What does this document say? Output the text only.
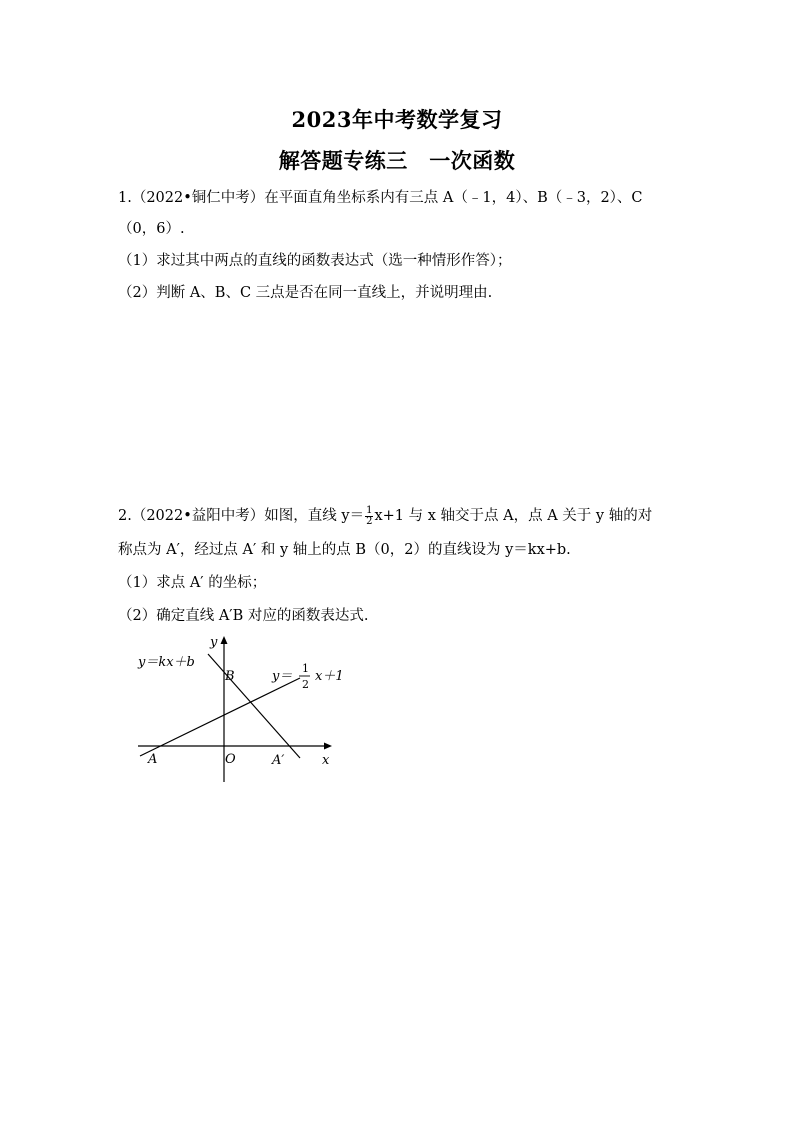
2023年中考数学复习
解答题专练三　一次函数
1.（2022•铜仁中考）在平面直角坐标系内有三点 A（﹣1，4）、B（﹣3，2）、C
（0，6）.
（1）求过其中两点的直线的函数表达式（选一种情形作答）；
（2）判断 A、B、C 三点是否在同一直线上，并说明理由.
2.（2022•益阳中考）如图，直线 $y= \frac{1}{2} x+1$ 与 x 轴交于点 A，点 A 关于 y 轴的对
称点为 A′，经过点 A′ 和 y 轴上的点 B（0，2）的直线设为 y＝kx+b.
（1）求点 A′ 的坐标；
（2）确定直线 A′B 对应的函数表达式.
y
x
O
A	A′
B
y＝kx＋b
y＝
1
2
x＋1
